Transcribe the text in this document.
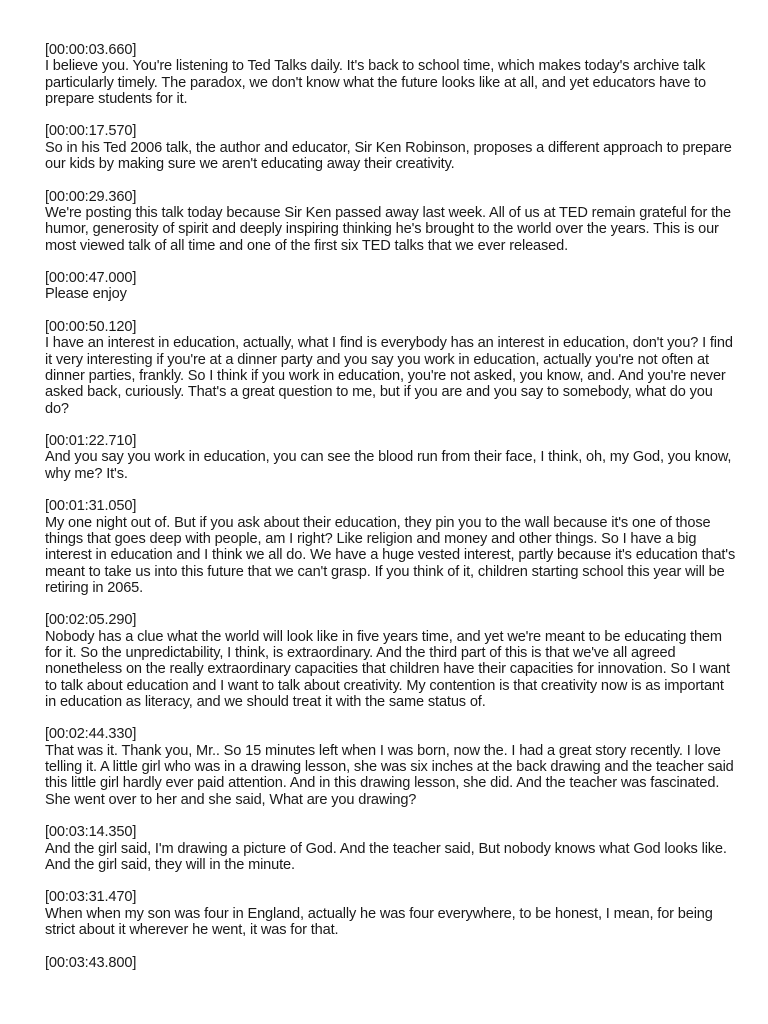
[00:00:03.660]
I believe you. You're listening to Ted Talks daily. It's back to school time, which makes today's archive talk particularly timely. The paradox, we don't know what the future looks like at all, and yet educators have to prepare students for it.
[00:00:17.570]
So in his Ted 2006 talk, the author and educator, Sir Ken Robinson, proposes a different approach to prepare our kids by making sure we aren't educating away their creativity.
[00:00:29.360]
We're posting this talk today because Sir Ken passed away last week. All of us at TED remain grateful for the humor, generosity of spirit and deeply inspiring thinking he's brought to the world over the years. This is our most viewed talk of all time and one of the first six TED talks that we ever released.
[00:00:47.000]
Please enjoy
[00:00:50.120]
I have an interest in education, actually, what I find is everybody has an interest in education, don't you? I find it very interesting if you're at a dinner party and you say you work in education, actually you're not often at dinner parties, frankly. So I think if you work in education, you're not asked, you know, and. And you're never asked back, curiously. That's a great question to me, but if you are and you say to somebody, what do you do?
[00:01:22.710]
And you say you work in education, you can see the blood run from their face, I think, oh, my God, you know, why me? It's.
[00:01:31.050]
My one night out of. But if you ask about their education, they pin you to the wall because it's one of those things that goes deep with people, am I right? Like religion and money and other things. So I have a big interest in education and I think we all do. We have a huge vested interest, partly because it's education that's meant to take us into this future that we can't grasp. If you think of it, children starting school this year will be retiring in 2065.
[00:02:05.290]
Nobody has a clue what the world will look like in five years time, and yet we're meant to be educating them for it. So the unpredictability, I think, is extraordinary. And the third part of this is that we've all agreed nonetheless on the really extraordinary capacities that children have their capacities for innovation. So I want to talk about education and I want to talk about creativity. My contention is that creativity now is as important in education as literacy, and we should treat it with the same status of.
[00:02:44.330]
That was it. Thank you, Mr.. So 15 minutes left when I was born, now the. I had a great story recently. I love telling it. A little girl who was in a drawing lesson, she was six inches at the back drawing and the teacher said this little girl hardly ever paid attention. And in this drawing lesson, she did. And the teacher was fascinated. She went over to her and she said, What are you drawing?
[00:03:14.350]
And the girl said, I'm drawing a picture of God. And the teacher said, But nobody knows what God looks like. And the girl said, they will in the minute.
[00:03:31.470]
When when my son was four in England, actually he was four everywhere, to be honest, I mean, for being strict about it wherever he went, it was for that.
[00:03:43.800]
